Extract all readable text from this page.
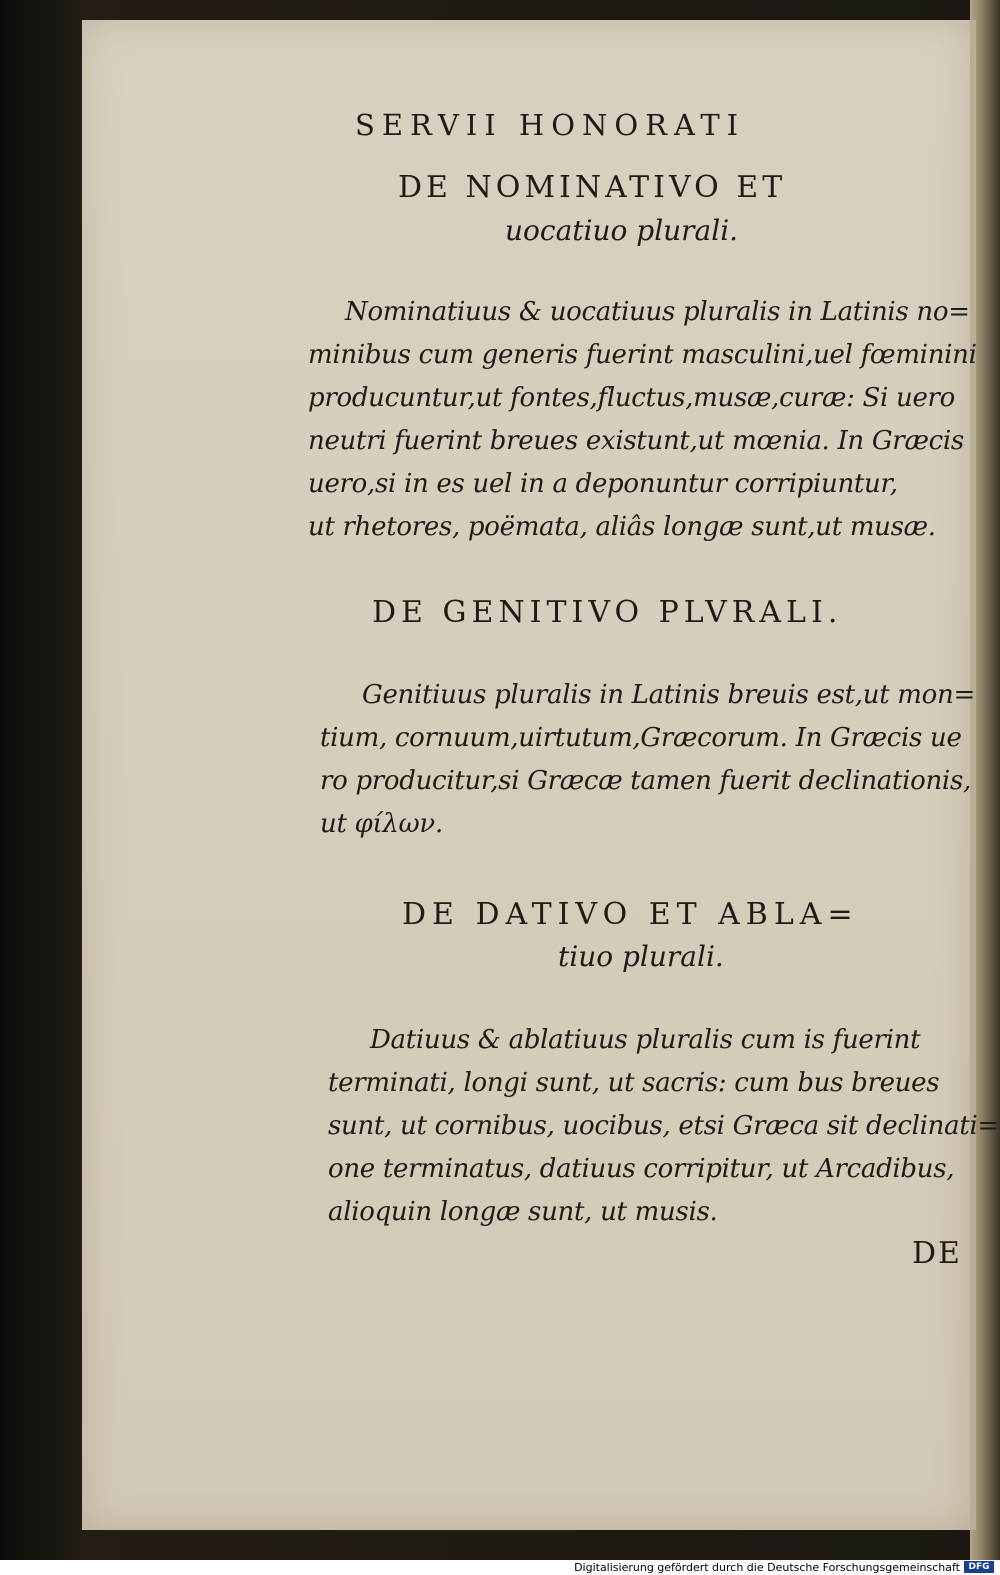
SERVII HONORATI
DE NOMINATIVO ET
uocatiuo plurali.
Nominatiuus & uocatiuus pluralis in Latinis no=
minibus cum generis fuerint masculini,uel fœminini
producuntur,ut fontes,fluctus,musæ,curæ: Si uero
neutri fuerint breues existunt,ut mœnia. In Græcis
uero,si in es uel in a deponuntur corripiuntur,
ut rhetores, poëmata, aliâs longæ sunt,ut musæ.
DE GENITIVO PLVRALI.
Genitiuus pluralis in Latinis breuis est,ut mon=
tium, cornuum,uirtutum,Græcorum. In Græcis ue
ro producitur,si Græcæ tamen fuerit declinationis,
ut φίλων.
DE DATIVO ET ABLA=
tiuo plurali.
Datiuus & ablatiuus pluralis cum is fuerint
terminati, longi sunt, ut sacris: cum bus breues
sunt, ut cornibus, uocibus, etsi Græca sit declinati=
one terminatus, datiuus corripitur, ut Arcadibus,
alioquin longæ sunt, ut musis.
DE
Digitalisierung gefördert durch die Deutsche Forschungsgemeinschaft DFG
